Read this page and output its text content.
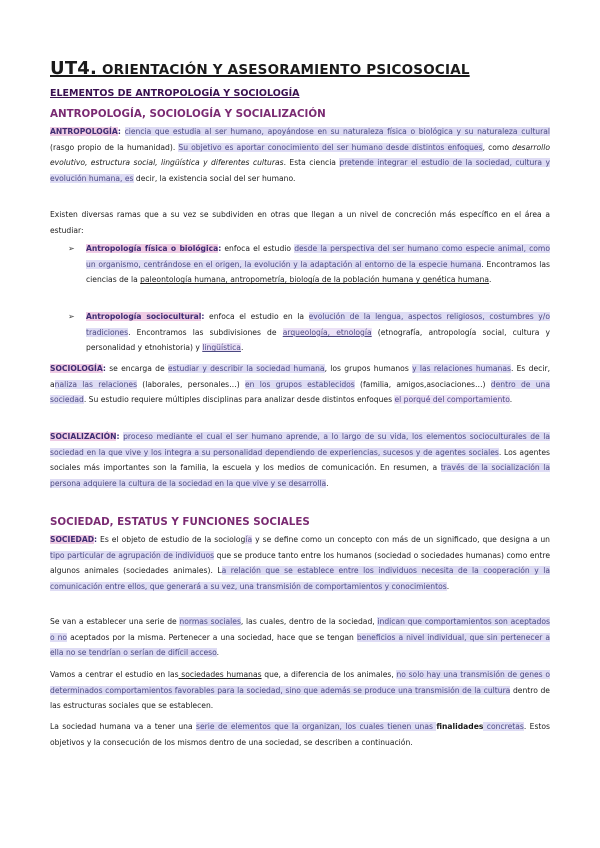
UT4. ORIENTACIÓN Y ASESORAMIENTO PSICOSOCIAL
ELEMENTOS DE ANTROPOLOGÍA Y SOCIOLOGÍA
ANTROPOLOGÍA, SOCIOLOGÍA Y SOCIALIZACIÓN
ANTROPOLOGÍA: ciencia que estudia al ser humano, apoyándose en su naturaleza física o biológica y su naturaleza cultural (rasgo propio de la humanidad). Su objetivo es aportar conocimiento del ser humano desde distintos enfoques, como desarrollo evolutivo, estructura social, lingüística y diferentes culturas. Esta ciencia pretende integrar el estudio de la sociedad, cultura y evolución humana, es decir, la existencia social del ser humano.
Existen diversas ramas que a su vez se subdividen en otras que llegan a un nivel de concreción más específico en el área a estudiar:
➢ Antropología física o biológica: enfoca el estudio desde la perspectiva del ser humano como especie animal, como un organismo, centrándose en el origen, la evolución y la adaptación al entorno de la especie humana. Encontramos las ciencias de la paleontología humana, antropometría, biología de la población humana y genética humana.
➢ Antropología sociocultural: enfoca el estudio en la evolución de la lengua, aspectos religiosos, costumbres y/o tradiciones. Encontramos las subdivisiones de arqueología, etnología (etnografía, antropología social, cultura y personalidad y etnohistoria) y lingüística.
SOCIOLOGÍA: se encarga de estudiar y describir la sociedad humana, los grupos humanos y las relaciones humanas. Es decir, analiza las relaciones (laborales, personales…) en los grupos establecidos (familia, amigos,asociaciones…) dentro de una sociedad. Su estudio requiere múltiples disciplinas para analizar desde distintos enfoques el porqué del comportamiento.
SOCIALIZACIÓN: proceso mediante el cual el ser humano aprende, a lo largo de su vida, los elementos socioculturales de la sociedad en la que vive y los integra a su personalidad dependiendo de experiencias, sucesos y de agentes sociales. Los agentes sociales más importantes son la familia, la escuela y los medios de comunicación. En resumen, a través de la socialización la persona adquiere la cultura de la sociedad en la que vive y se desarrolla.
SOCIEDAD, ESTATUS Y FUNCIONES SOCIALES
SOCIEDAD: Es el objeto de estudio de la sociología y se define como un concepto con más de un significado, que designa a un tipo particular de agrupación de individuos que se produce tanto entre los humanos (sociedad o sociedades humanas) como entre algunos animales (sociedades animales). La relación que se establece entre los individuos necesita de la cooperación y la comunicación entre ellos, que generará a su vez, una transmisión de comportamientos y conocimientos.
Se van a establecer una serie de normas sociales, las cuales, dentro de la sociedad, indican que comportamientos son aceptados o no aceptados por la misma. Pertenecer a una sociedad, hace que se tengan beneficios a nivel individual, que sin pertenecer a ella no se tendrían o serían de difícil acceso.
Vamos a centrar el estudio en las sociedades humanas que, a diferencia de los animales, no solo hay una transmisión de genes o determinados comportamientos favorables para la sociedad, sino que además se produce una transmisión de la cultura dentro de las estructuras sociales que se establecen.
La sociedad humana va a tener una serie de elementos que la organizan, los cuales tienen unas finalidades concretas. Estos objetivos y la consecución de los mismos dentro de una sociedad, se describen a continuación.
